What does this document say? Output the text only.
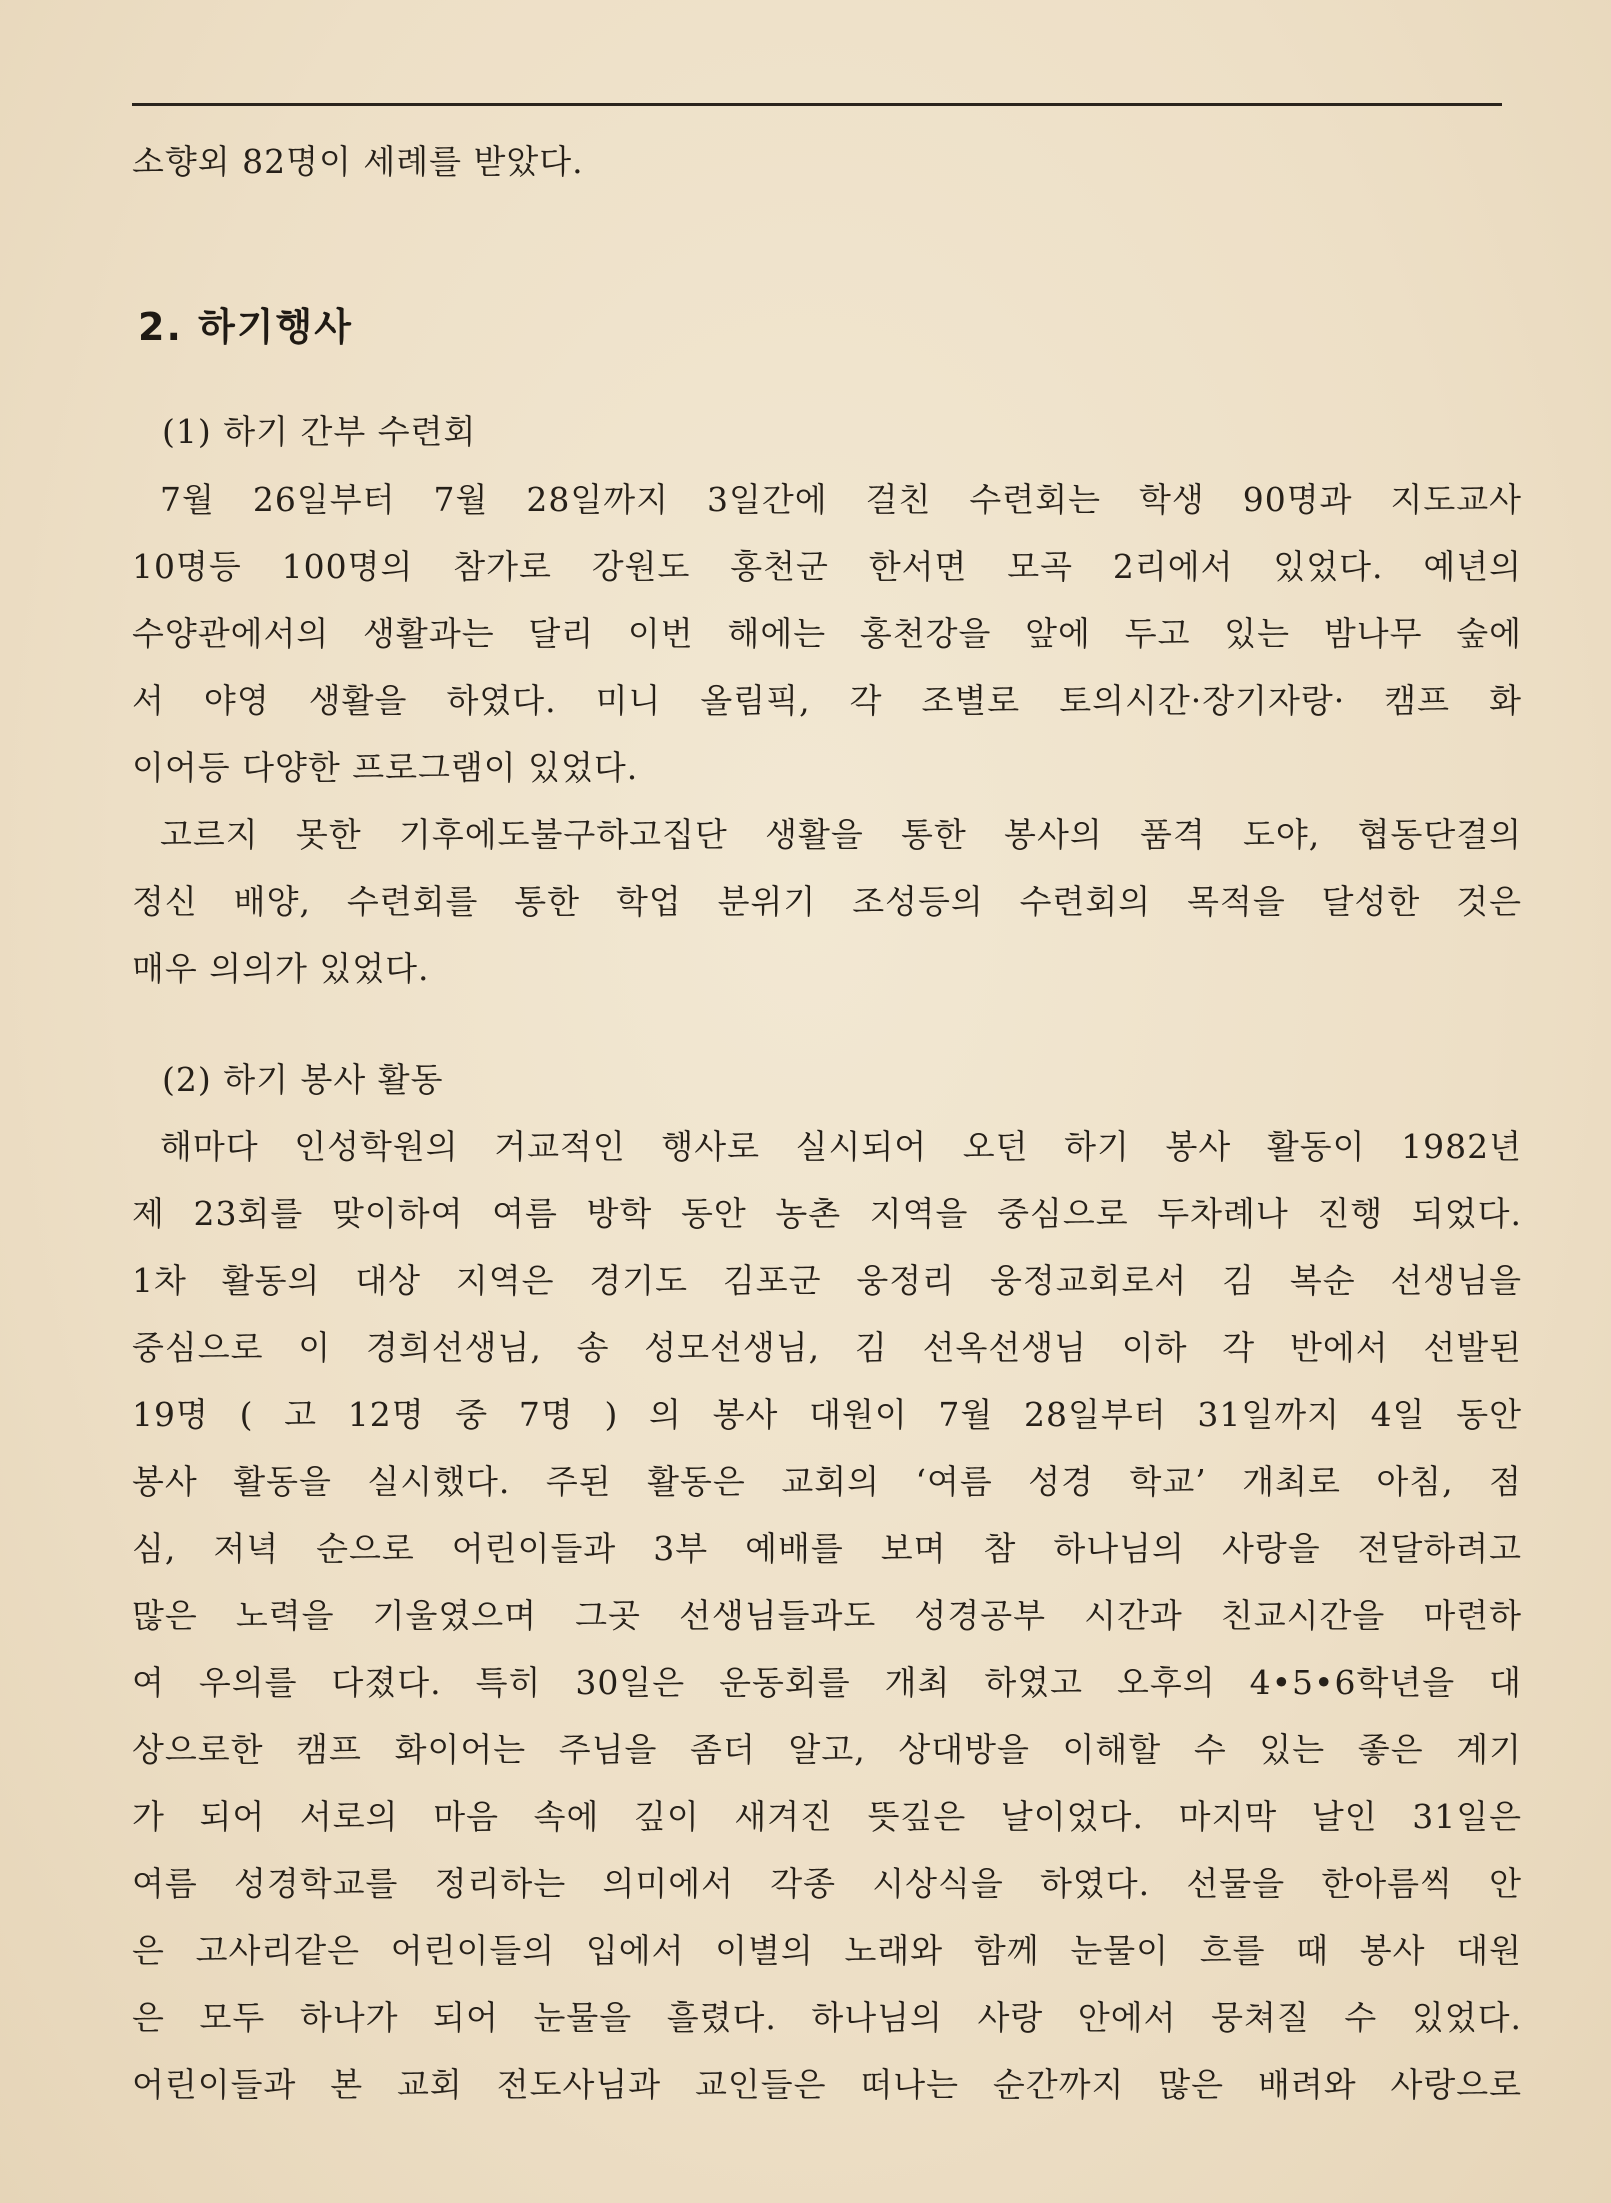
소향외 82명이 세례를 받았다.
2. 하기행사
(1) 하기 간부 수련회
7월 26일부터 7월 28일까지 3일간에 걸친 수련회는 학생 90명과 지도교사
10명등 100명의 참가로 강원도 홍천군 한서면 모곡 2리에서 있었다. 예년의
수양관에서의 생활과는 달리 이번 해에는 홍천강을 앞에 두고 있는 밤나무 숲에
서 야영 생활을 하였다. 미니 올림픽, 각 조별로 토의시간·장기자랑· 캠프 화
이어등 다양한 프로그램이 있었다.
고르지 못한 기후에도불구하고집단 생활을 통한 봉사의 품격 도야, 협동단결의
정신 배양, 수련회를 통한 학업 분위기 조성등의 수련회의 목적을 달성한 것은
매우 의의가 있었다.
(2) 하기 봉사 활동
해마다 인성학원의 거교적인 행사로 실시되어 오던 하기 봉사 활동이 1982년
제 23회를 맞이하여 여름 방학 동안 농촌 지역을 중심으로 두차례나 진행 되었다.
1차 활동의 대상 지역은 경기도 김포군 웅정리 웅정교회로서 김 복순 선생님을
중심으로 이 경희선생님, 송 성모선생님, 김 선옥선생님 이하 각 반에서 선발된
19명 ( 고 12명 중 7명 ) 의 봉사 대원이 7월 28일부터 31일까지 4일 동안
봉사 활동을 실시했다. 주된 활동은 교회의 ‘여름 성경 학교’ 개최로 아침, 점
심, 저녁 순으로 어린이들과 3부 예배를 보며 참 하나님의 사랑을 전달하려고
많은 노력을 기울였으며 그곳 선생님들과도 성경공부 시간과 친교시간을 마련하
여 우의를 다졌다. 특히 30일은 운동회를 개최 하였고 오후의 4•5•6학년을 대
상으로한 캠프 화이어는 주님을 좀더 알고, 상대방을 이해할 수 있는 좋은 계기
가 되어 서로의 마음 속에 깊이 새겨진 뜻깊은 날이었다. 마지막 날인 31일은
여름 성경학교를 정리하는 의미에서 각종 시상식을 하였다. 선물을 한아름씩 안
은 고사리같은 어린이들의 입에서 이별의 노래와 함께 눈물이 흐를 때 봉사 대원
은 모두 하나가 되어 눈물을 흘렸다. 하나님의 사랑 안에서 뭉쳐질 수 있었다.
어린이들과 본 교회 전도사님과 교인들은 떠나는 순간까지 많은 배려와 사랑으로
